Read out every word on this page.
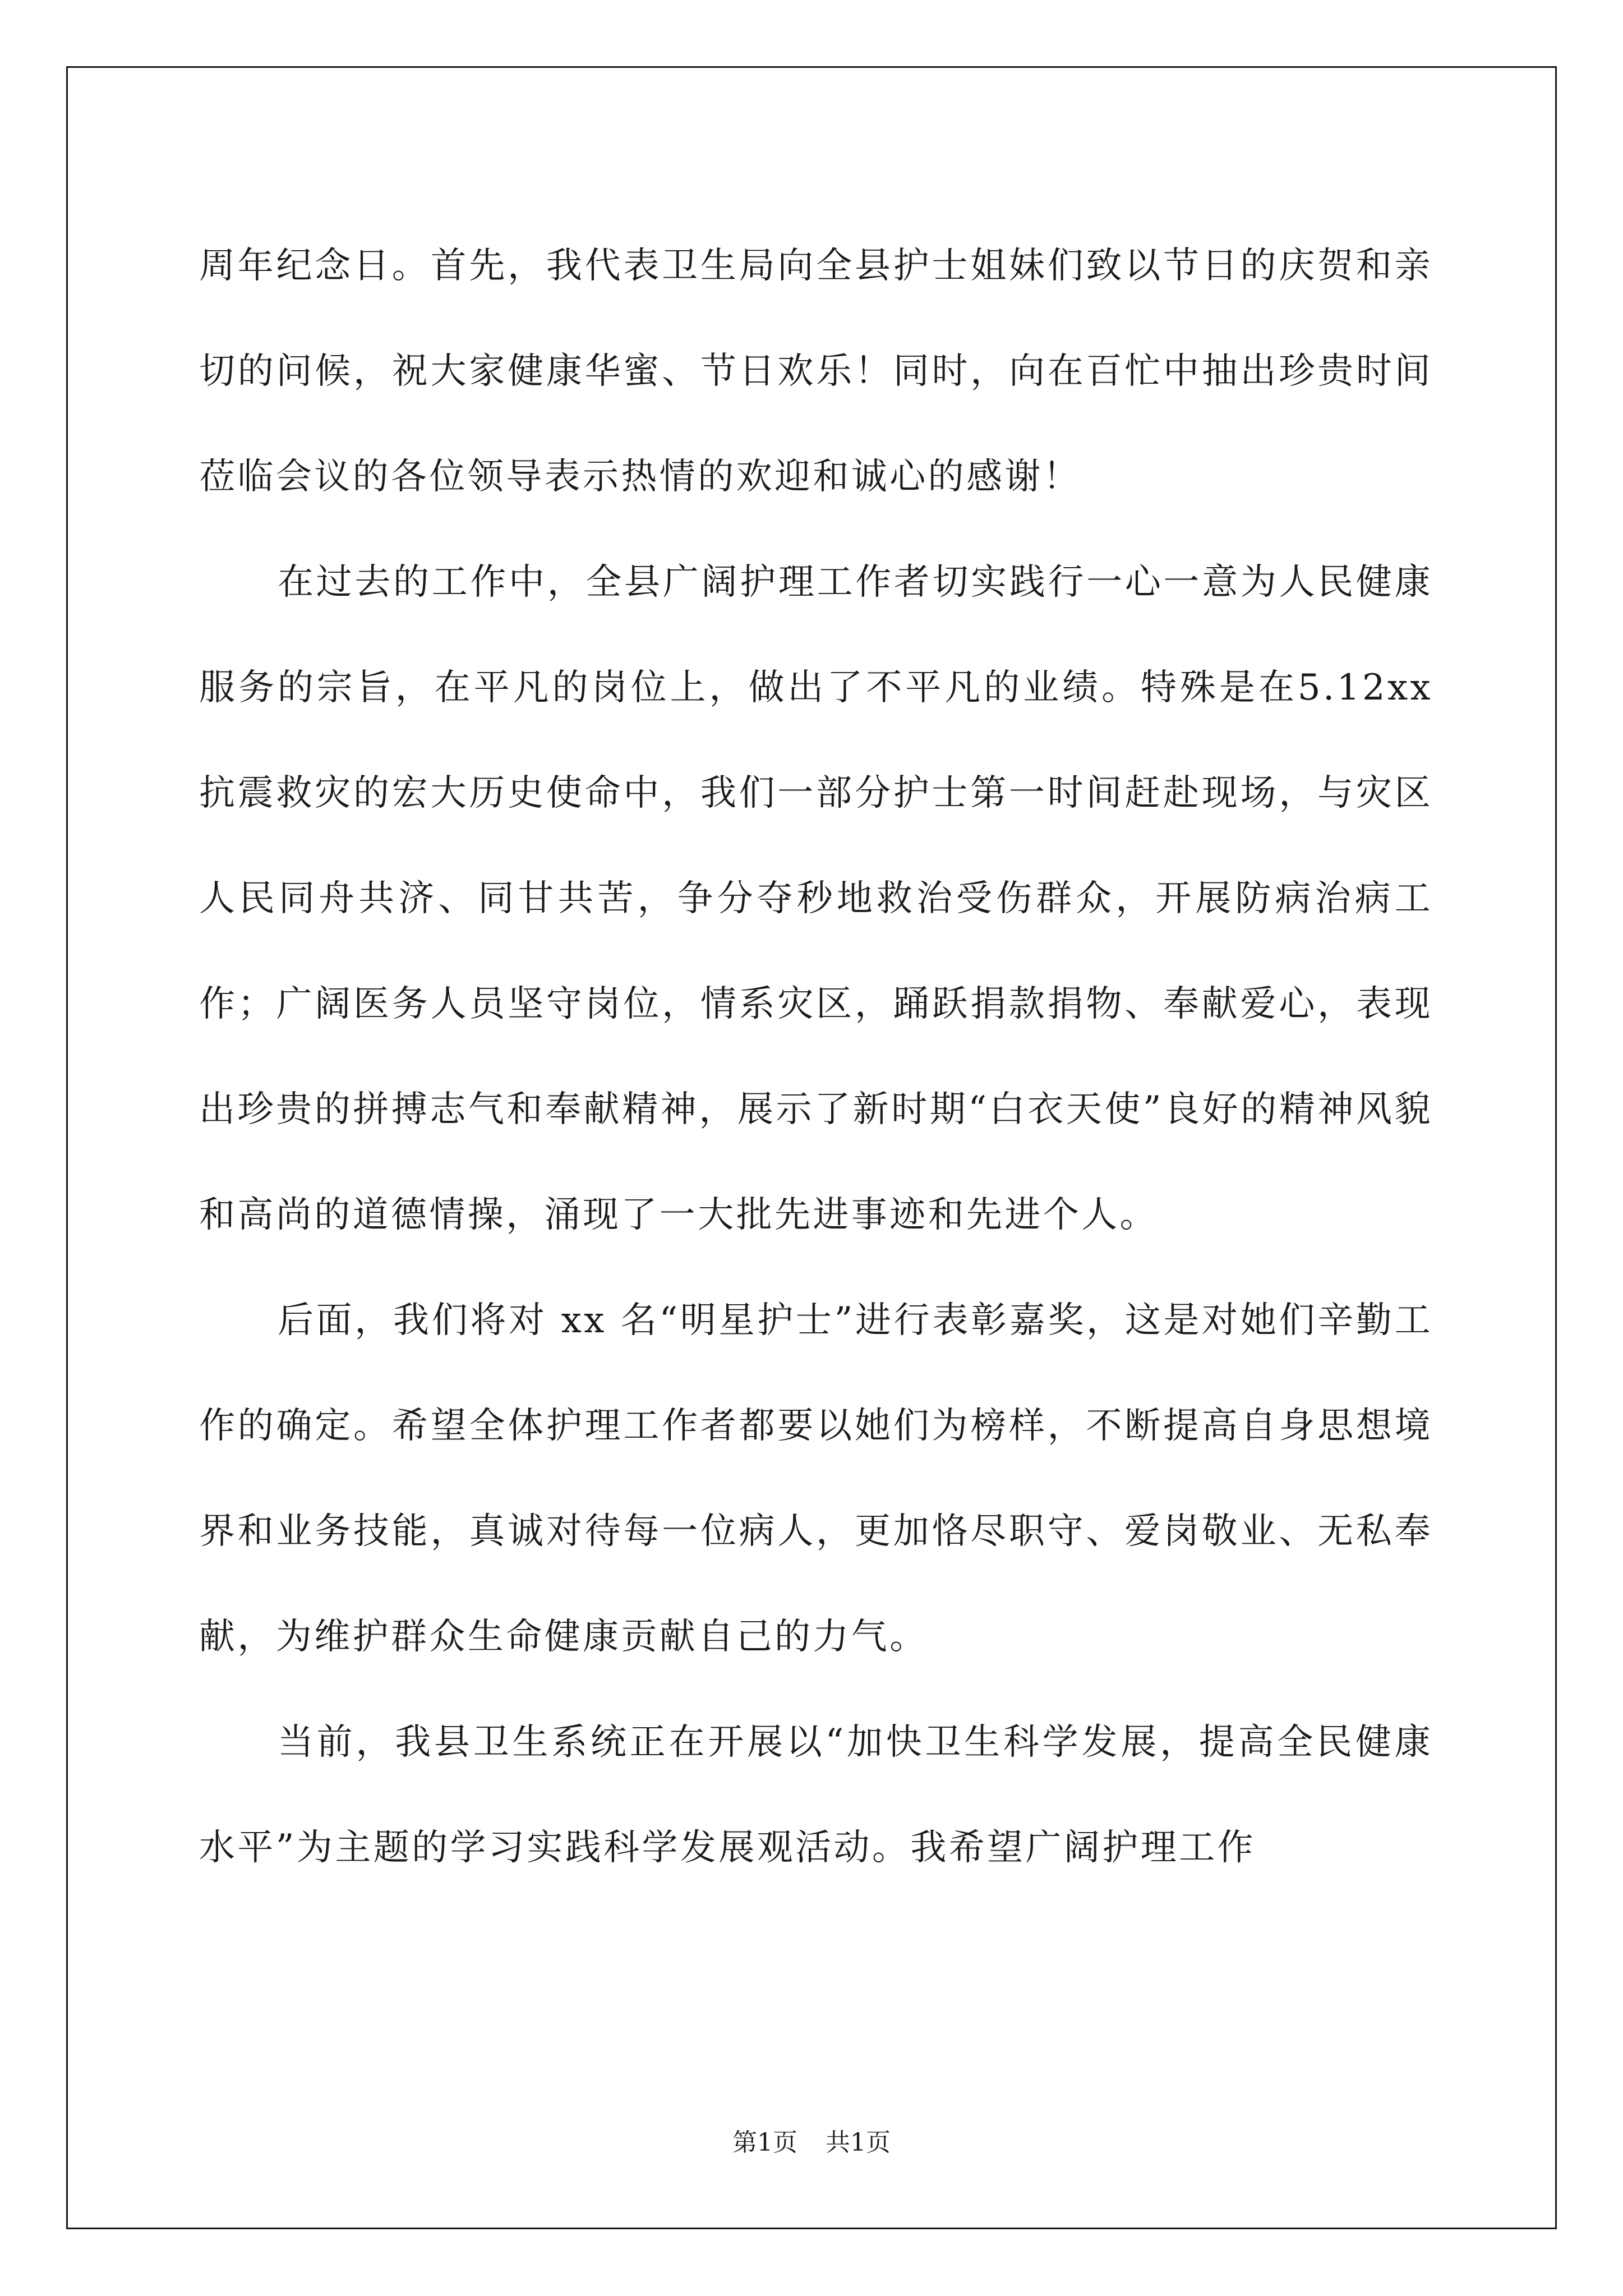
周年纪念日。首先，我代表卫生局向全县护士姐妹们致以节日的庆贺和亲切的问候，祝大家健康华蜜、节日欢乐！同时，向在百忙中抽出珍贵时间莅临会议的各位领导表示热情的欢迎和诚心的感谢！

在过去的工作中，全县广阔护理工作者切实践行一心一意为人民健康服务的宗旨，在平凡的岗位上，做出了不平凡的业绩。特殊是在5.12xx 抗震救灾的宏大历史使命中，我们一部分护士第一时间赶赴现场，与灾区人民同舟共济、同甘共苦，争分夺秒地救治受伤群众，开展防病治病工作；广阔医务人员坚守岗位，情系灾区，踊跃捐款捐物、奉献爱心，表现出珍贵的拼搏志气和奉献精神，展示了新时期“白衣天使”良好的精神风貌和高尚的道德情操，涌现了一大批先进事迹和先进个人。

后面，我们将对 xx 名“明星护士”进行表彰嘉奖，这是对她们辛勤工作的确定。希望全体护理工作者都要以她们为榜样，不断提高自身思想境界和业务技能，真诚对待每一位病人，更加恪尽职守、爱岗敬业、无私奉献，为维护群众生命健康贡献自己的力气。

当前，我县卫生系统正在开展以“加快卫生科学发展，提高全民健康水平”为主题的学习实践科学发展观活动。我希望广阔护理工作

第1页 共1页
